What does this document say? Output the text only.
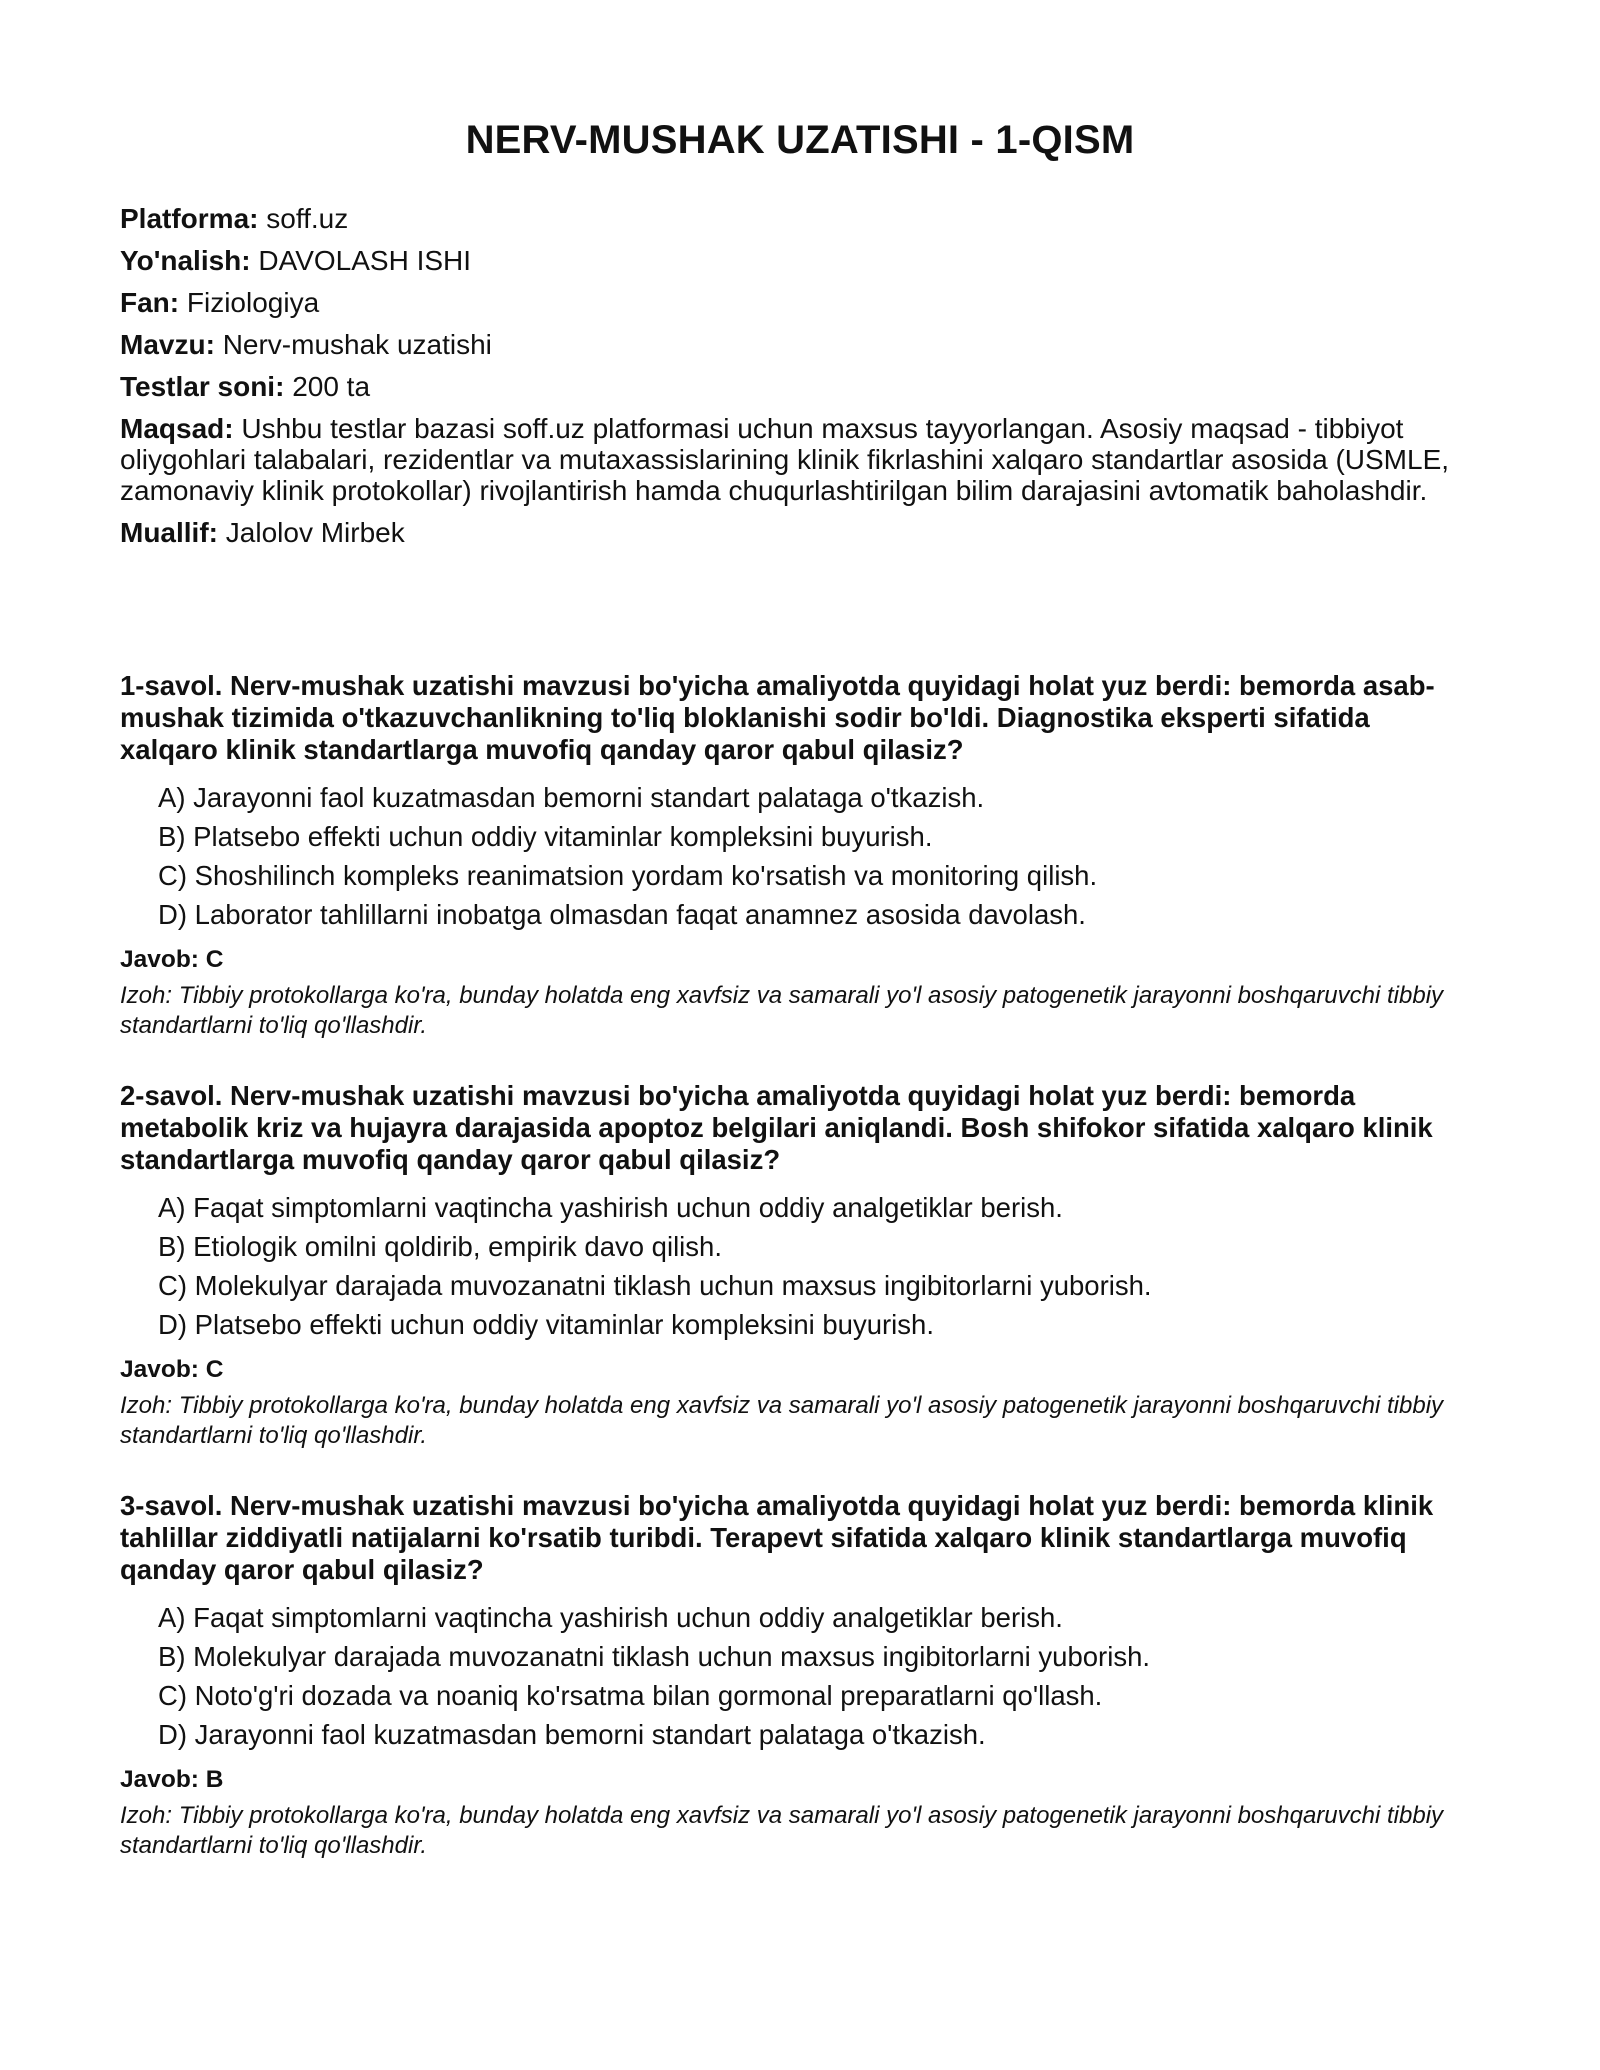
NERV-MUSHAK UZATISHI - 1-QISM
Platforma: soff.uz
Yo'nalish: DAVOLASH ISHI
Fan: Fiziologiya
Mavzu: Nerv-mushak uzatishi
Testlar soni: 200 ta
Maqsad: Ushbu testlar bazasi soff.uz platformasi uchun maxsus tayyorlangan. Asosiy maqsad - tibbiyot oliygohlari talabalari, rezidentlar va mutaxassislarining klinik fikrlashini xalqaro standartlar asosida (USMLE, zamonaviy klinik protokollar) rivojlantirish hamda chuqurlashtirilgan bilim darajasini avtomatik baholashdir.
Muallif: Jalolov Mirbek
1-savol. Nerv-mushak uzatishi mavzusi bo'yicha amaliyotda quyidagi holat yuz berdi: bemorda asab-mushak tizimida o'tkazuvchanlikning to'liq bloklanishi sodir bo'ldi. Diagnostika eksperti sifatida xalqaro klinik standartlarga muvofiq qanday qaror qabul qilasiz?
A) Jarayonni faol kuzatmasdan bemorni standart palataga o'tkazish.
B) Platsebo effekti uchun oddiy vitaminlar kompleksini buyurish.
C) Shoshilinch kompleks reanimatsion yordam ko'rsatish va monitoring qilish.
D) Laborator tahlillarni inobatga olmasdan faqat anamnez asosida davolash.
Javob: C
Izoh: Tibbiy protokollarga ko'ra, bunday holatda eng xavfsiz va samarali yo'l asosiy patogenetik jarayonni boshqaruvchi tibbiy standartlarni to'liq qo'llashdir.
2-savol. Nerv-mushak uzatishi mavzusi bo'yicha amaliyotda quyidagi holat yuz berdi: bemorda metabolik kriz va hujayra darajasida apoptoz belgilari aniqlandi. Bosh shifokor sifatida xalqaro klinik standartlarga muvofiq qanday qaror qabul qilasiz?
A) Faqat simptomlarni vaqtincha yashirish uchun oddiy analgetiklar berish.
B) Etiologik omilni qoldirib, empirik davo qilish.
C) Molekulyar darajada muvozanatni tiklash uchun maxsus ingibitorlarni yuborish.
D) Platsebo effekti uchun oddiy vitaminlar kompleksini buyurish.
Javob: C
Izoh: Tibbiy protokollarga ko'ra, bunday holatda eng xavfsiz va samarali yo'l asosiy patogenetik jarayonni boshqaruvchi tibbiy standartlarni to'liq qo'llashdir.
3-savol. Nerv-mushak uzatishi mavzusi bo'yicha amaliyotda quyidagi holat yuz berdi: bemorda klinik tahlillar ziddiyatli natijalarni ko'rsatib turibdi. Terapevt sifatida xalqaro klinik standartlarga muvofiq qanday qaror qabul qilasiz?
A) Faqat simptomlarni vaqtincha yashirish uchun oddiy analgetiklar berish.
B) Molekulyar darajada muvozanatni tiklash uchun maxsus ingibitorlarni yuborish.
C) Noto'g'ri dozada va noaniq ko'rsatma bilan gormonal preparatlarni qo'llash.
D) Jarayonni faol kuzatmasdan bemorni standart palataga o'tkazish.
Javob: B
Izoh: Tibbiy protokollarga ko'ra, bunday holatda eng xavfsiz va samarali yo'l asosiy patogenetik jarayonni boshqaruvchi tibbiy standartlarni to'liq qo'llashdir.
